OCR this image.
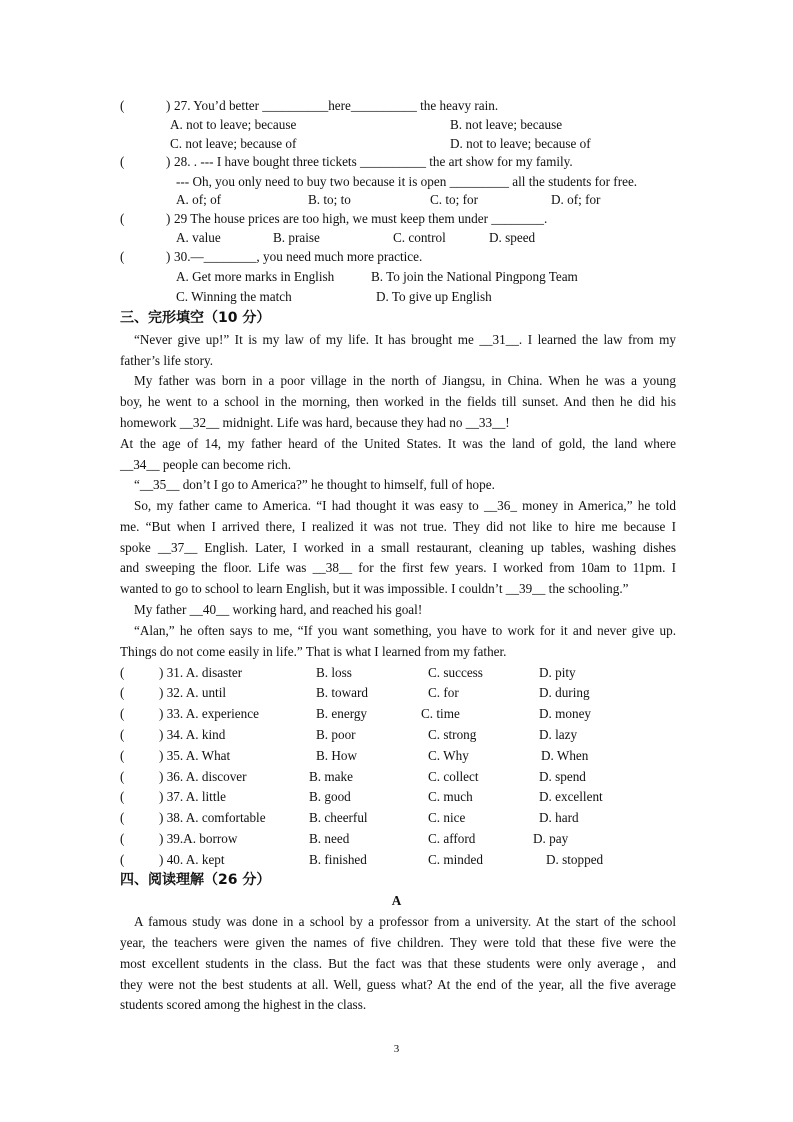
(	) 27. You’d better __________here__________ the heavy rain.
A. not to leave; because	B. not leave; because
C. not leave; because of	D. not to leave; because of
(	) 28. . --- I have bought three tickets __________ the art show for my family.
--- Oh, you only need to buy two because it is open _________ all the students for free.
A. of; of	B. to; to	C. to; for	D. of; for
(	) 29 The house prices are too high, we must keep them under ________.
A. value	B. praise	C. control	D. speed
(	) 30.—________, you need much more practice.
A. Get more marks in English	B. To join the National Pingpong Team
C. Winning the match	D. To give up English
三、完形填空（10 分）
“Never give up!” It is my law of my life. It has brought me __31__. I learned the law from my
father’s life story.
My father was born in a poor village in the north of Jiangsu, in China. When he was a young
boy, he went to a school in the morning, then worked in the fields till sunset. And then he did his
homework __32__ midnight. Life was hard, because they had no __33__!
At the age of 14, my father heard of the United States. It was the land of gold, the land where
__34__ people can become rich.
“__35__ don’t I go to America?” he thought to himself, full of hope.
So, my father came to America. “I had thought it was easy to __36_ money in America,” he told
me. “But when I arrived there, I realized it was not true. They did not like to hire me because I
spoke __37__ English. Later, I worked in a small restaurant, cleaning up tables, washing dishes
and sweeping the floor. Life was __38__ for the first few years. I worked from 10am to 11pm. I
wanted to go to school to learn English, but it was impossible. I couldn’t __39__ the schooling.”
My father __40__ working hard, and reached his goal!
“Alan,” he often says to me, “If you want something, you have to work for it and never give up.
Things do not come easily in life.” That is what I learned from my father.
(	) 31. A. disaster	B. loss	C. success	D. pity
(	) 32. A. until	B. toward	C. for	D. during
(	) 33. A. experience	B. energy	C. time	D. money
(	) 34. A. kind	B. poor	C. strong	D. lazy
(	) 35. A. What	B. How	C. Why	D. When
(	) 36. A. discover	B. make	C. collect	D. spend
(	) 37. A. little	B. good	C. much	D. excellent
(	) 38. A. comfortable	B. cheerful	C. nice	D. hard
(	) 39.A. borrow	B. need	C. afford	D. pay
(	) 40. A. kept	B. finished	C. minded	D. stopped
四、阅读理解（26 分）
A
A famous study was done in a school by a professor from a university. At the start of the school
year, the teachers were given the names of five children. They were told that these five were the
most excellent students in the class. But the fact was that these students were only average，and
they were not the best students at all. Well, guess what? At the end of the year, all the five average
students scored among the highest in the class.
3
